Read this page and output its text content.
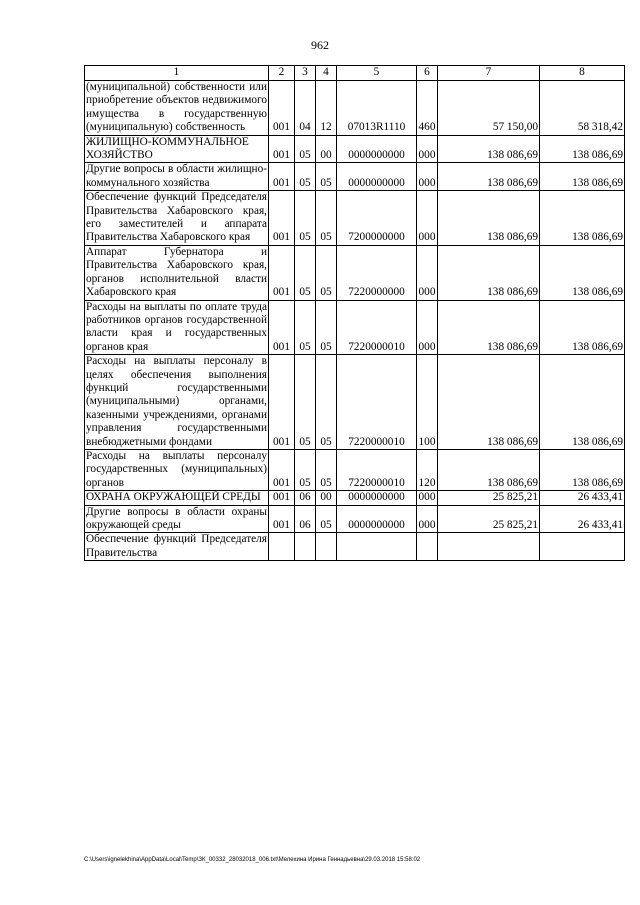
962
1	2	3	4	5	6	7	8
(муниципальной) собственности или приобретение объектов недвижимого имущества в государственную (муниципальную) собственность	001	04	12	07013R1110	460	57 150,00	58 318,42
ЖИЛИЩНО-КОММУНАЛЬНОЕ ХОЗЯЙСТВО	001	05	00	0000000000	000	138 086,69	138 086,69
Другие вопросы в области жилищно-коммунального хозяйства	001	05	05	0000000000	000	138 086,69	138 086,69
Обеспечение функций Председателя Правительства Хабаровского края, его заместителей и аппарата Правительства Хабаровского края	001	05	05	7200000000	000	138 086,69	138 086,69
Аппарат Губернатора и Правительства Хабаровского края, органов исполнительной власти Хабаровского края	001	05	05	7220000000	000	138 086,69	138 086,69
Расходы на выплаты по оплате труда работников органов государственной власти края и государственных органов края	001	05	05	7220000010	000	138 086,69	138 086,69
Расходы на выплаты персоналу в целях обеспечения выполнения функций государственными (муниципальными) органами, казенными учреждениями, органами управления государственными внебюджетными фондами	001	05	05	7220000010	100	138 086,69	138 086,69
Расходы на выплаты персоналу государственных (муниципальных) органов	001	05	05	7220000010	120	138 086,69	138 086,69
ОХРАНА ОКРУЖАЮЩЕЙ СРЕДЫ	001	06	00	0000000000	000	25 825,21	26 433,41
Другие вопросы в области охраны окружающей среды	001	06	05	0000000000	000	25 825,21	26 433,41
Обеспечение функций Председателя Правительства							
C:\Users\ignelekhina\AppData\Local\Temp\ЗК_00332_28032018_006.txt\Мелехина Ирина Геннадьевна\29.03.2018 15:58:02
